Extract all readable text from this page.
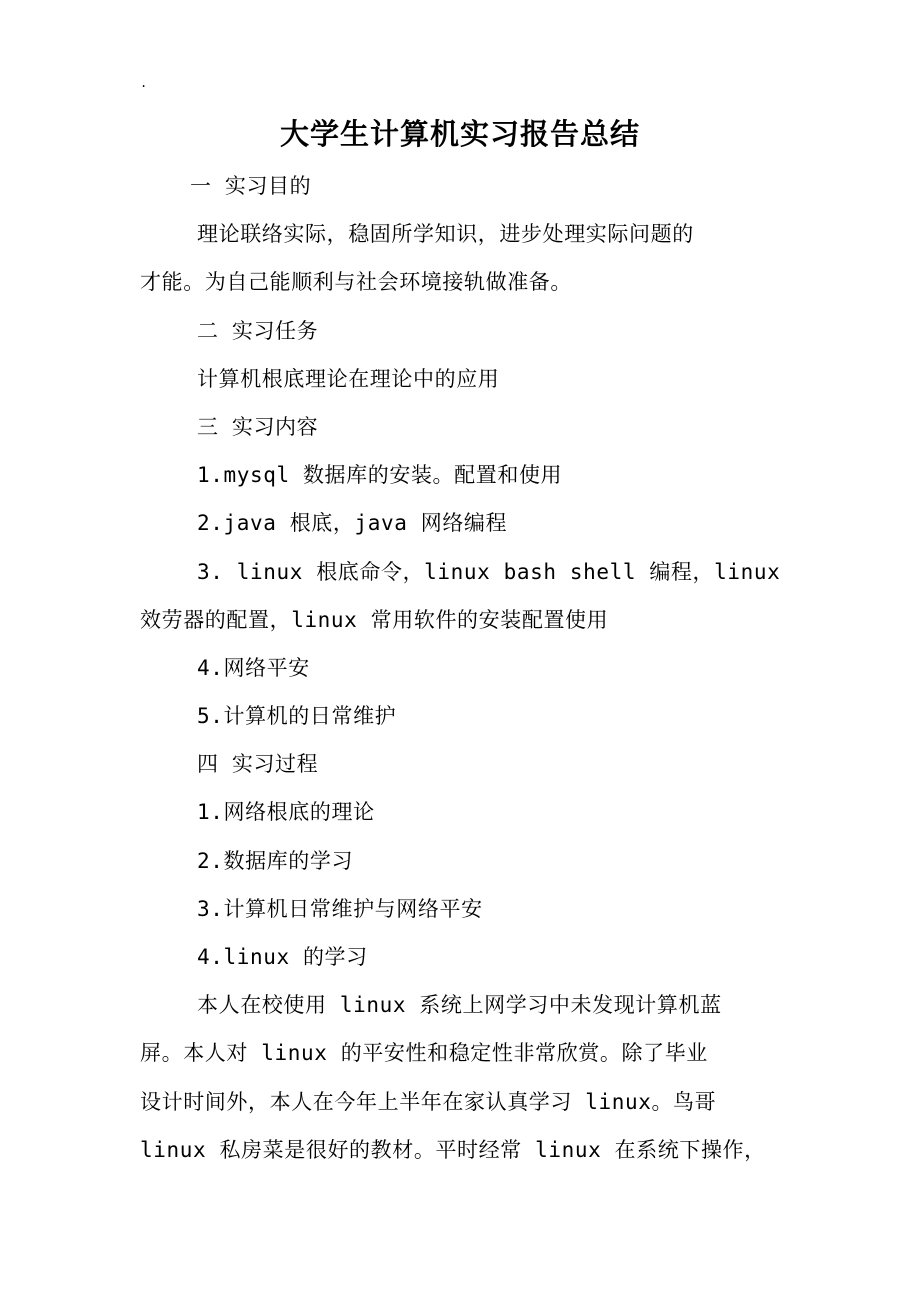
.
大学生计算机实习报告总结
一 实习目的
理论联络实际，稳固所学知识，进步处理实际问题的
才能。为自己能顺利与社会环境接轨做准备。
二 实习任务
计算机根底理论在理论中的应用
三 实习内容
1.mysql 数据库的安装。配置和使用
2.java 根底，java 网络编程
3. linux 根底命令，linux bash shell 编程，linux
效劳器的配置，linux 常用软件的安装配置使用
4.网络平安
5.计算机的日常维护
四 实习过程
1.网络根底的理论
2.数据库的学习
3.计算机日常维护与网络平安
4.linux 的学习
本人在校使用 linux 系统上网学习中未发现计算机蓝
屏。本人对 linux 的平安性和稳定性非常欣赏。除了毕业
设计时间外，本人在今年上半年在家认真学习 linux。鸟哥
linux 私房菜是很好的教材。平时经常 linux 在系统下操作，
